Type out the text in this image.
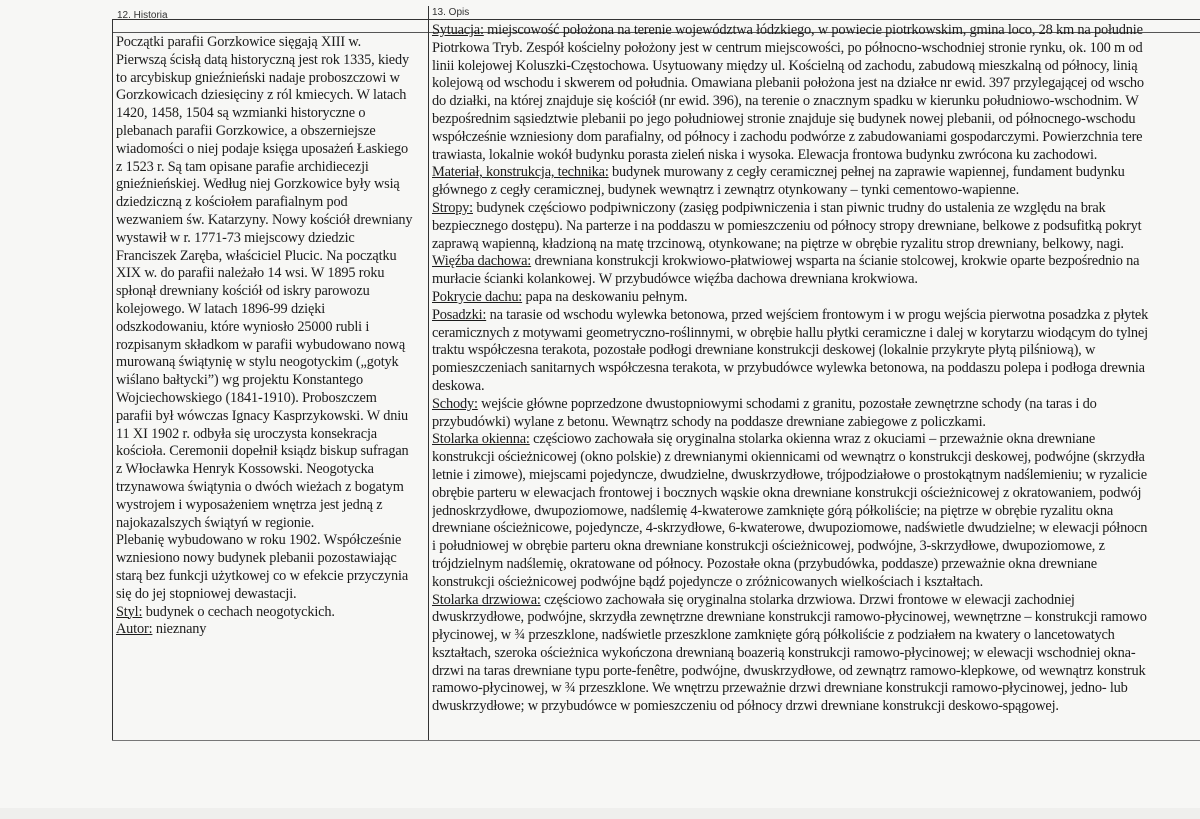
12. Historia	13. Opis
Początki parafii Gorzkowice sięgają XIII w.
Pierwszą ścisłą datą historyczną jest rok 1335, kiedy
to arcybiskup gnieźnieński nadaje proboszczowi w
Gorzkowicach dziesięciny z ról kmiecych. W latach
1420, 1458, 1504 są wzmianki historyczne o
plebanach parafii Gorzkowice, a obszerniejsze
wiadomości o niej podaje księga uposażeń Łaskiego
z 1523 r. Są tam opisane parafie archidiecezji
gnieźnieńskiej. Według niej Gorzkowice były wsią
dziedziczną z kościołem parafialnym pod
wezwaniem św. Katarzyny. Nowy kościół drewniany
wystawił w r. 1771-73 miejscowy dziedzic
Franciszek Zaręba, właściciel Plucic. Na początku
XIX w. do parafii należało 14 wsi. W 1895 roku
spłonął drewniany kościół od iskry parowozu
kolejowego. W latach 1896-99 dzięki
odszkodowaniu, które wyniosło 25000 rubli i
rozpisanym składkom w parafii wybudowano nową
murowaną świątynię w stylu neogotyckim („gotyk
wiślano bałtycki”) wg projektu Konstantego
Wojciechowskiego (1841-1910). Proboszczem
parafii był wówczas Ignacy Kasprzykowski. W dniu
11 XI 1902 r. odbyła się uroczysta konsekracja
kościoła. Ceremonii dopełnił ksiądz biskup sufragan
z Włocławka Henryk Kossowski. Neogotycka
trzynawowa świątynia o dwóch wieżach z bogatym
wystrojem i wyposażeniem wnętrza jest jedną z
najokazalszych świątyń w regionie.
Plebanię wybudowano w roku 1902. Współcześnie
wzniesiono nowy budynek plebanii pozostawiając
starą bez funkcji użytkowej co w efekcie przyczynia
się do jej stopniowej dewastacji.
Styl: budynek o cechach neogotyckich.
Autor: nieznany
Sytuacja: miejscowość położona na terenie województwa łódzkiego, w powiecie piotrkowskim, gmina loco, 28 km na południe
Piotrkowa Tryb. Zespół kościelny położony jest w centrum miejscowości, po północno-wschodniej stronie rynku, ok. 100 m od
linii kolejowej Koluszki-Częstochowa. Usytuowany między ul. Kościelną od zachodu, zabudową mieszkalną od północy, linią
kolejową od wschodu i skwerem od południa. Omawiana plebanii położona jest na działce nr ewid. 397 przylegającej od wscho
do działki, na której znajduje się kościół (nr ewid. 396), na terenie o znacznym spadku w kierunku południowo-wschodnim. W
bezpośrednim sąsiedztwie plebanii po jego południowej stronie znajduje się budynek nowej plebanii, od północnego-wschodu
współcześnie wzniesiony dom parafialny, od północy i zachodu podwórze z zabudowaniami gospodarczymi. Powierzchnia tere
trawiasta, lokalnie wokół budynku porasta zieleń niska i wysoka. Elewacja frontowa budynku zwrócona ku zachodowi.
Materiał, konstrukcja, technika: budynek murowany z cegły ceramicznej pełnej na zaprawie wapiennej, fundament budynku
głównego z cegły ceramicznej, budynek wewnątrz i zewnątrz otynkowany – tynki cementowo-wapienne.
Stropy: budynek częściowo podpiwniczony (zasięg podpiwniczenia i stan piwnic trudny do ustalenia ze względu na brak
bezpiecznego dostępu). Na parterze i na poddaszu w pomieszczeniu od północy stropy drewniane, belkowe z podsufitką pokryt
zaprawą wapienną, kładzioną na matę trzcinową, otynkowane; na piętrze w obrębie ryzalitu strop drewniany, belkowy, nagi.
Więźba dachowa: drewniana konstrukcji krokwiowo-płatwiowej wsparta na ścianie stolcowej, krokwie oparte bezpośrednio na
murłacie ścianki kolankowej. W przybudówce więźba dachowa drewniana krokwiowa.
Pokrycie dachu: papa na deskowaniu pełnym.
Posadzki: na tarasie od wschodu wylewka betonowa, przed wejściem frontowym i w progu wejścia pierwotna posadzka z płytek
ceramicznych z motywami geometryczno-roślinnymi, w obrębie hallu płytki ceramiczne i dalej w korytarzu wiodącym do tylnej
traktu współczesna terakota, pozostałe podłogi drewniane konstrukcji deskowej (lokalnie przykryte płytą pilśniową), w
pomieszczeniach sanitarnych współczesna terakota, w przybudówce wylewka betonowa, na poddaszu polepa i podłoga drewnia
deskowa.
Schody: wejście główne poprzedzone dwustopniowymi schodami z granitu, pozostałe zewnętrzne schody (na taras i do
przybudówki) wylane z betonu. Wewnątrz schody na poddasze drewniane zabiegowe z policzkami.
Stolarka okienna: częściowo zachowała się oryginalna stolarka okienna wraz z okuciami – przeważnie okna drewniane
konstrukcji ościeżnicowej (okno polskie) z drewnianymi okiennicami od wewnątrz o konstrukcji deskowej, podwójne (skrzydła
letnie i zimowe), miejscami pojedyncze, dwudzielne, dwuskrzydłowe, trójpodziałowe o prostokątnym nadślemieniu; w ryzalicie
obrębie parteru w elewacjach frontowej i bocznych wąskie okna drewniane konstrukcji ościeżnicowej z okratowaniem, podwój
jednoskrzydłowe, dwupoziomowe, nadślemię 4-kwaterowe zamknięte górą półkoliście; na piętrze w obrębie ryzalitu okna
drewniane ościeżnicowe, pojedyncze, 4-skrzydłowe, 6-kwaterowe, dwupoziomowe, nadświetle dwudzielne; w elewacji północn
i południowej w obrębie parteru okna drewniane konstrukcji ościeżnicowej, podwójne, 3-skrzydłowe, dwupoziomowe, z
trójdzielnym nadślemię, okratowane od północy. Pozostałe okna (przybudówka, poddasze) przeważnie okna drewniane
konstrukcji ościeżnicowej podwójne bądź pojedyncze o zróżnicowanych wielkościach i kształtach.
Stolarka drzwiowa: częściowo zachowała się oryginalna stolarka drzwiowa. Drzwi frontowe w elewacji zachodniej
dwuskrzydłowe, podwójne, skrzydła zewnętrzne drewniane konstrukcji ramowo-płycinowej, wewnętrzne – konstrukcji ramowo
płycinowej, w ¾ przeszklone, nadświetle przeszklone zamknięte górą półkoliście z podziałem na kwatery o lancetowatych
kształtach, szeroka ościeżnica wykończona drewnianą boazerią konstrukcji ramowo-płycinowej; w elewacji wschodniej okna-
drzwi na taras drewniane typu porte-fenêtre, podwójne, dwuskrzydłowe, od zewnątrz ramowo-klepkowe, od wewnątrz konstruk
ramowo-płycinowej, w ¾ przeszklone. We wnętrzu przeważnie drzwi drewniane konstrukcji ramowo-płycinowej, jedno- lub
dwuskrzydłowe; w przybudówce w pomieszczeniu od północy drzwi drewniane konstrukcji deskowo-spągowej.
